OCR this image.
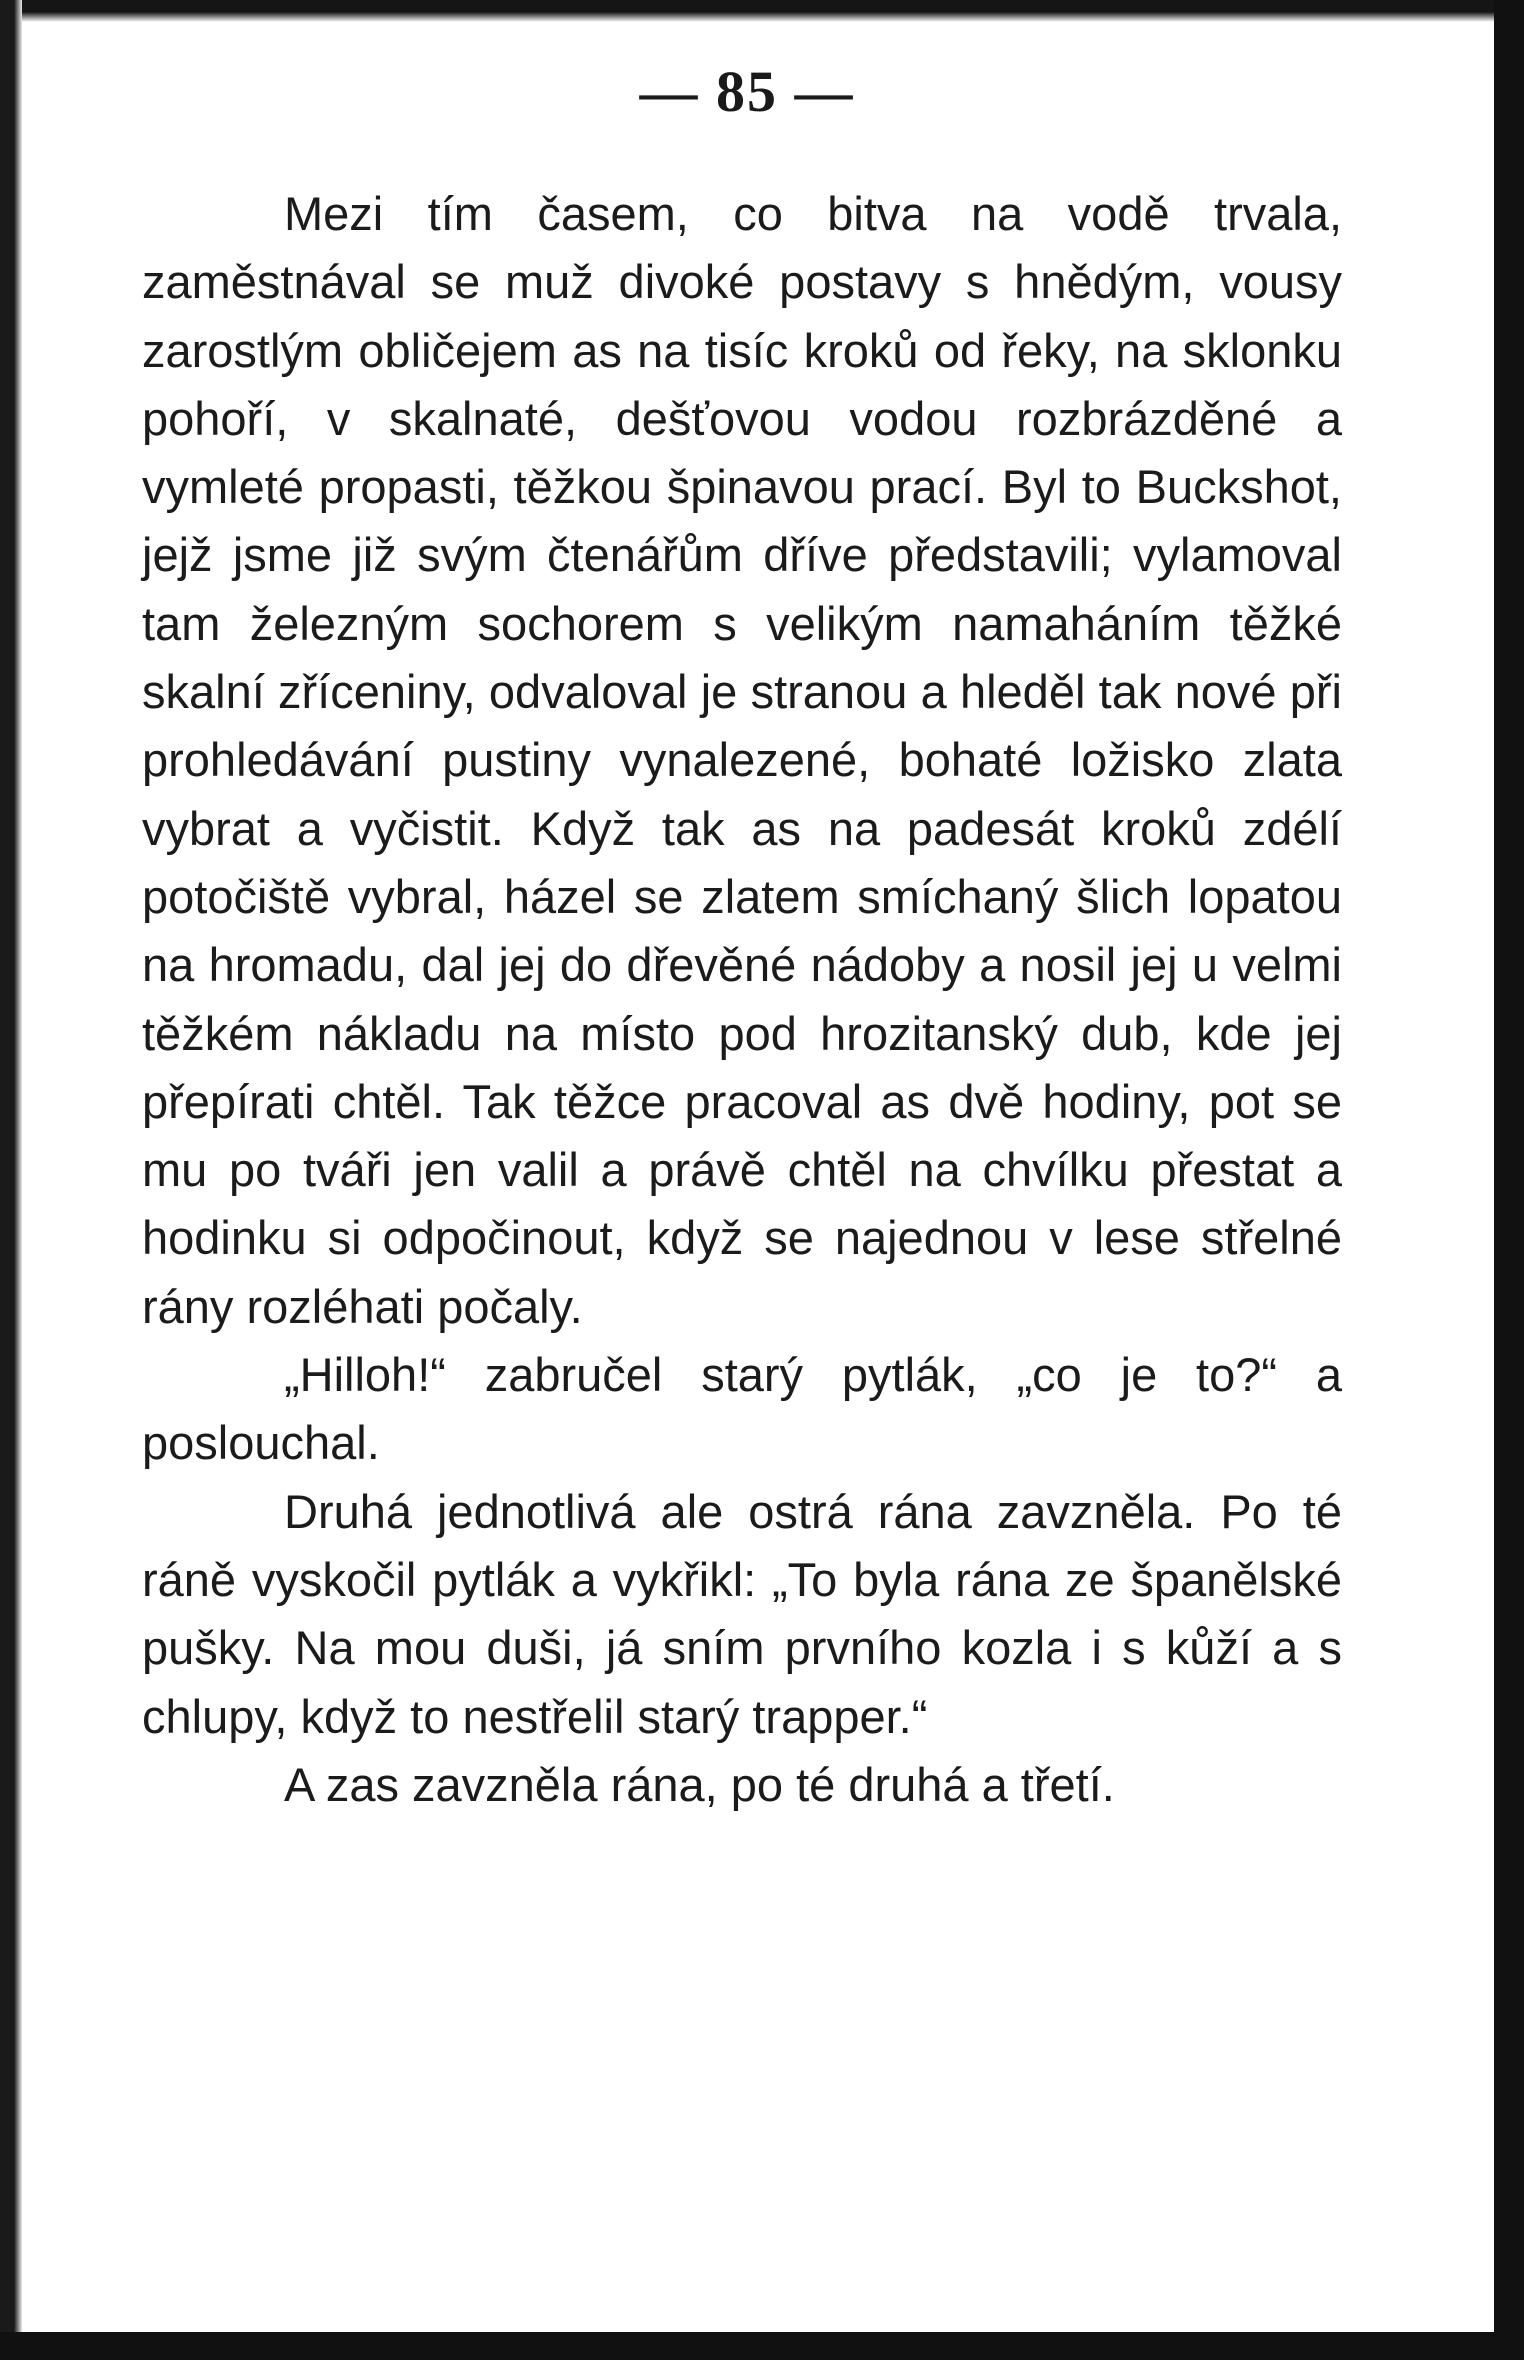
— 85 —

Mezi tím časem, co bitva na vodě trvala, zaměstnával se muž divoké postavy s hnědým, vousy zarostlým obličejem as na tisíc kroků od řeky, na sklonku pohoří, v skalnaté, dešťovou vodou rozbrázděné a vymleté propasti, těžkou špinavou prací. Byl to Buckshot, jejž jsme již svým čtenářům dříve představili; vylamoval tam železným sochorem s velikým namaháním těžké skalní zříceniny, odvaloval je stranou a hleděl tak nové při prohledávání pustiny vynalezené, bohaté ložisko zlata vybrat a vyčistit. Když tak as na padesát kroků zdélí potočiště vybral, házel se zlatem smíchaný šlich lopatou na hromadu, dal jej do dřevěné nádoby a nosil jej u velmi těžkém nákladu na místo pod hrozitanský dub, kde jej přepírati chtěl. Tak těžce pracoval as dvě hodiny, pot se mu po tváři jen valil a právě chtěl na chvílku přestat a hodinku si odpočinout, když se najednou v lese střelné rány rozléhati počaly.

„Hilloh!“ zabručel starý pytlák, „co je to?“ a poslouchal.

Druhá jednotlivá ale ostrá rána zavzněla. Po té ráně vyskočil pytlák a vykřikl: „To byla rána ze španělské pušky. Na mou duši, já sním prvního kozla i s kůží a s chlupy, když to nestřelil starý trapper.“

A zas zavzněla rána, po té druhá a třetí.
